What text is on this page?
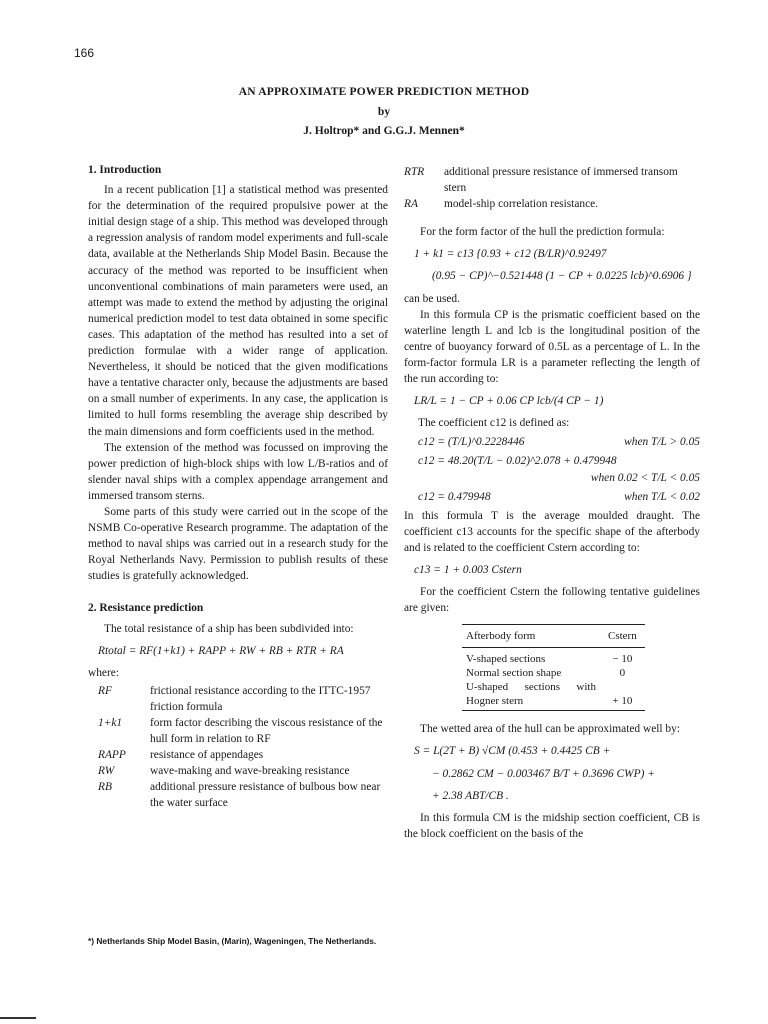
166
AN APPROXIMATE POWER PREDICTION METHOD
by
J. Holtrop* and G.G.J. Mennen*
1. Introduction

In a recent publication [1] a statistical method was presented for the determination of the required propulsive power at the initial design stage of a ship. This method was developed through a regression analysis of random model experiments and full-scale data, available at the Netherlands Ship Model Basin. Because the accuracy of the method was reported to be insufficient when unconventional combinations of main parameters were used, an attempt was made to extend the method by adjusting the original numerical prediction model to test data obtained in some specific cases. This adaptation of the method has resulted into a set of prediction formulae with a wider range of application. Nevertheless, it should be noticed that the given modifications have a tentative character only, because the adjustments are based on a small number of experiments. In any case, the application is limited to hull forms resembling the average ship described by the main dimensions and form coefficients used in the method.

The extension of the method was focussed on improving the power prediction of high-block ships with low L/B-ratios and of slender naval ships with a complex appendage arrangement and immersed transom sterns.

Some parts of this study were carried out in the scope of the NSMB Co-operative Research programme. The adaptation of the method to naval ships was carried out in a research study for the Royal Netherlands Navy. Permission to publish results of these studies is gratefully acknowledged.

2. Resistance prediction

The total resistance of a ship has been subdivided into:

Rtotal = RF(1+k1) + RAPP + RW + RB + RTR + RA

where:

RF	frictional resistance according to the ITTC-1957 friction formula
1+k1	form factor describing the viscous resistance of the hull form in relation to RF
RAPP	resistance of appendages
RW	wave-making and wave-breaking resistance
RB	additional pressure resistance of bulbous bow near the water surface
RTR	additional pressure resistance of immersed transom stern
RA	model-ship correlation resistance.

For the form factor of the hull the prediction formula:

1 + k1 = c13 {0.93 + c12 (B/LR)^0.92497
(0.95 − CP)^−0.521448 (1 − CP + 0.0225 lcb)^0.6906 }

can be used.

In this formula CP is the prismatic coefficient based on the waterline length L and lcb is the longitudinal position of the centre of buoyancy forward of 0.5L as a percentage of L. In the form-factor formula LR is a parameter reflecting the length of the run according to:

LR/L = 1 − CP + 0.06 CP lcb/(4 CP − 1)

The coefficient c12 is defined as:

c12 = (T/L)^0.2228446	when T/L > 0.05
c12 = 48.20(T/L − 0.02)^2.078 + 0.479948
when 0.02 < T/L < 0.05
c12 = 0.479948	when T/L < 0.02

In this formula T is the average moulded draught. The coefficient c13 accounts for the specific shape of the afterbody and is related to the coefficient Cstern according to:

c13 = 1 + 0.003 Cstern

For the coefficient Cstern the following tentative guidelines are given:

Afterbody form	Cstern
V-shaped sections	− 10
Normal section shape	0
U-shaped sections with Hogner stern	+ 10

The wetted area of the hull can be approximated well by:

S = L(2T + B) √CM (0.453 + 0.4425 CB +
− 0.2862 CM − 0.003467 B/T + 0.3696 CWP) +
+ 2.38 ABT/CB .

In this formula CM is the midship section coefficient, CB is the block coefficient on the basis of the

*) Netherlands Ship Model Basin, (Marin), Wageningen, The Netherlands.
